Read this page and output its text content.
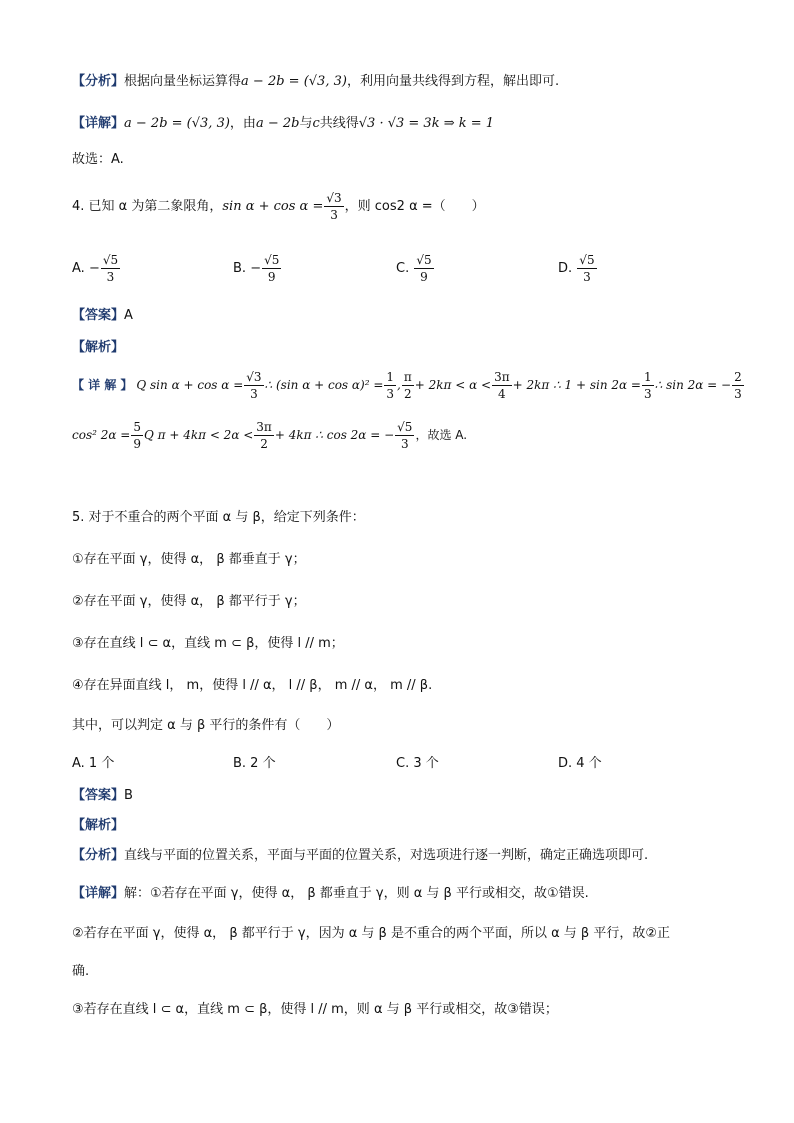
【分析】根据向量坐标运算得a − 2b = (√3, 3)，利用向量共线得到方程，解出即可.
【详解】a − 2b = (√3, 3)，由a − 2b与c共线得√3 · √3 = 3k ⇒ k = 1
故选：A.
4. 已知 α 为第二象限角，$\sin \alpha + \cos \alpha = \frac{√3}{3}$ ，则 cos2 α =（　　）
A. − $\frac{√5}{3}$	B. − $\frac{√5}{9}$	C. $\frac{√5}{9}$	D. $\frac{√5}{3}$
【答案】A
【解析】
【 详 解 】 Q $\sin \alpha + \cos \alpha = \frac{√3}{3}$ ∴ (sin $\alpha + \cos \alpha)^2 = \frac{1}{3}$ , $\frac{\pi}{2} + 2k\pi < \alpha < \frac{3\pi}{4} + 2k\pi$ ∴ $1 + \sin 2\alpha = \frac{1}{3}$ ∴ sin 2α = − $\frac{2}{3}$
cos² $2\alpha = \frac{5}{9}$ Q $\pi + 4k\pi < 2\alpha < \frac{3\pi}{2} + 4k\pi$ ∴ cos 2α = − $\frac{√5}{3}$ ，故选 A.
5. 对于不重合的两个平面 α 与 β，给定下列条件：
①存在平面 γ，使得 α， β 都垂直于 γ；
②存在平面 γ，使得 α， β 都平行于 γ；
③存在直线 l ⊂ α，直线 m ⊂ β，使得 l // m；
④存在异面直线 l， m，使得 l // α， l // β， m // α， m // β.
其中，可以判定 α 与 β 平行的条件有（　　）
A. 1 个	B. 2 个	C. 3 个	D. 4 个
【答案】B
【解析】
【分析】直线与平面的位置关系，平面与平面的位置关系，对选项进行逐一判断，确定正确选项即可.
【详解】解：①若存在平面 γ，使得 α， β 都垂直于 γ，则 α 与 β 平行或相交，故①错误.
②若存在平面 γ，使得 α， β 都平行于 γ，因为 α 与 β 是不重合的两个平面，所以 α 与 β 平行，故②正
确.
③若存在直线 l ⊂ α，直线 m ⊂ β，使得 l // m，则 α 与 β 平行或相交，故③错误；
